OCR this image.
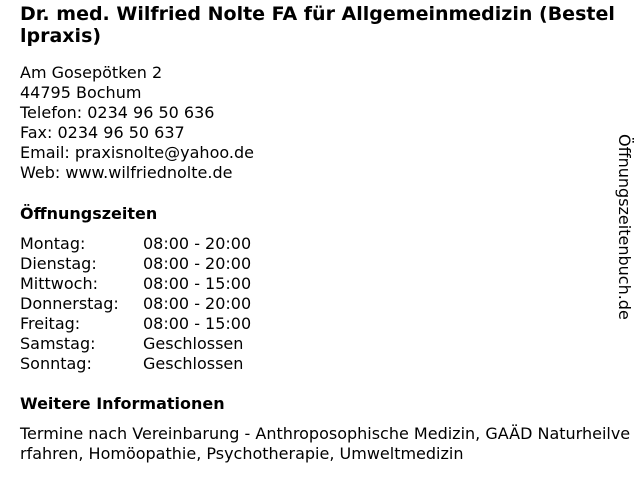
Dr. med. Wilfried Nolte FA für Allgemeinmedizin (Bestellpraxis)
Am Gosepötken 2
44795 Bochum
Telefon: 0234 96 50 636
Fax: 0234 96 50 637
Email: praxisnolte@yahoo.de
Web: www.wilfriednolte.de
Öffnungszeiten
Montag:	08:00 - 20:00
Dienstag:	08:00 - 20:00
Mittwoch:	08:00 - 15:00
Donnerstag:	08:00 - 20:00
Freitag:	08:00 - 15:00
Samstag:	Geschlossen
Sonntag:	Geschlossen
Weitere Informationen
Termine nach Vereinbarung - Anthroposophische Medizin, GAÄD Naturheilverfahren, Homöopathie, Psychotherapie, Umweltmedizin
Öffnungszeitenbuch.de
